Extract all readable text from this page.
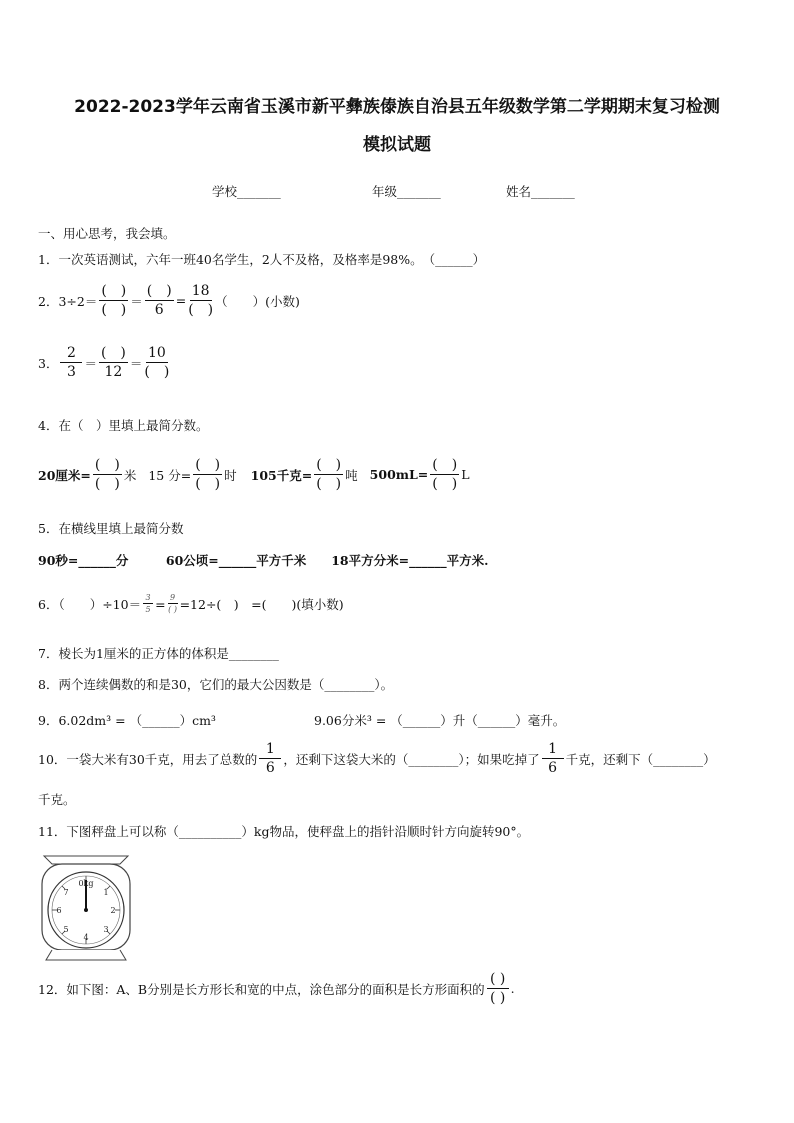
2022-2023学年云南省玉溪市新平彝族傣族自治县五年级数学第二学期期末复习检测
模拟试题
学校_______	年级_______	姓名_______
一、用心思考，我会填。
1．一次英语测试，六年一班40名学生，2人不及格，及格率是98%。　（______）
2．$3\div 2= \frac{( )}{( )} = \frac{( )}{6} = \frac{18}{( )}$ （　　）(小数)
3． $\frac{2}{3} = \frac{( )}{12} = \frac{10}{( )}$
4．在（　）里填上最简分数。
20厘米= $\frac{( )}{( )}$ 米 15 分= $\frac{( )}{( )}$ 时 105千克= $\frac{( )}{( )}$ 吨 $500mL= \frac{( )}{( )}$ L
5．在横线里填上最简分数
90秒=______分　　　60公顷=______平方千米　　18平方分米=______平方米.
6．（　　）$\div 10= \frac{3}{5} = \frac{9}{( )} =12\div$(　)　=(　　)(填小数)
7．棱长为1厘米的正方体的体积是________
8．两个连续偶数的和是30，它们的最大公因数是（________）。
9．6.02dm³ = （______）cm³	9.06分米³ = （______）升（______）毫升。
10．一袋大米有30千克，用去了总数的 $\frac{1}{6}$ ，还剩下这袋大米的（________）；如果吃掉了 $\frac{1}{6}$ 千克，还剩下（________）
千克。
11．下图秤盘上可以称（__________）kg物品，使秤盘上的指针沿顺时针方向旋转90°。
0kg
1
2
3
4
5
6
7
12．如下图：A、B分别是长方形长和宽的中点，涂色部分的面积是长方形面积的 $\frac{( )}{( )}$ .
